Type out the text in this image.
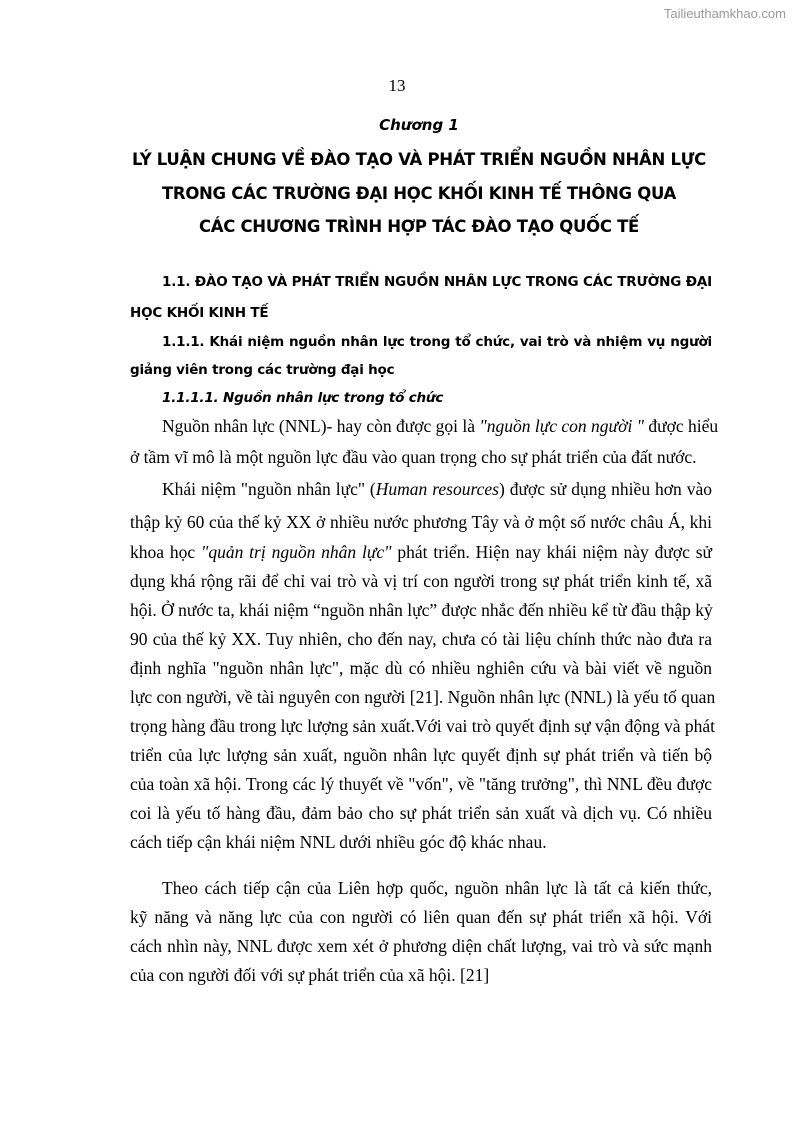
Tailieuthamkhao.com
13
Chương 1
LÝ LUẬN CHUNG VỀ ĐÀO TẠO VÀ PHÁT TRIỂN NGUỒN NHÂN LỰC
TRONG CÁC TRƯỜNG ĐẠI HỌC KHỐI KINH TẾ THÔNG QUA
CÁC CHƯƠNG TRÌNH HỢP TÁC ĐÀO TẠO QUỐC TẾ
1.1. ĐÀO TẠO VÀ PHÁT TRIỂN NGUỒN NHÂN LỰC TRONG CÁC TRƯỜNG ĐẠI
HỌC KHỐI KINH TẾ
1.1.1. Khái niệm nguồn nhân lực trong tổ chức, vai trò và nhiệm vụ người
giảng viên trong các trường đại học
1.1.1.1. Nguồn nhân lực trong tổ chức
Nguồn nhân lực (NNL)- hay còn được gọi là "nguồn lực con người " được hiểu
ở tầm vĩ mô là một nguồn lực đầu vào quan trọng cho sự phát triển của đất nước.
Khái niệm "nguồn nhân lực" (Human resources) được sử dụng nhiều hơn vào
thập kỷ 60 của thế kỷ XX ở nhiều nước phương Tây và ở một số nước châu Á, khi
khoa học "quản trị nguồn nhân lực" phát triển. Hiện nay khái niệm này được sử
dụng khá rộng rãi để chỉ vai trò và vị trí con người trong sự phát triển kinh tế, xã
hội. Ở nước ta, khái niệm “nguồn nhân lực” được nhắc đến nhiều kể từ đầu thập kỷ
90 của thế kỷ XX. Tuy nhiên, cho đến nay, chưa có tài liệu chính thức nào đưa ra
định nghĩa "nguồn nhân lực", mặc dù có nhiều nghiên cứu và bài viết về nguồn
lực con người, về tài nguyên con người [21]. Nguồn nhân lực (NNL) là yếu tố quan
trọng hàng đầu trong lực lượng sản xuất.Với vai trò quyết định sự vận động và phát
triển của lực lượng sản xuất, nguồn nhân lực quyết định sự phát triển và tiến bộ
của toàn xã hội. Trong các lý thuyết về "vốn", về "tăng trưởng", thì NNL đều được
coi là yếu tố hàng đầu, đảm bảo cho sự phát triển sản xuất và dịch vụ. Có nhiều
cách tiếp cận khái niệm NNL dưới nhiều góc độ khác nhau.
Theo cách tiếp cận của Liên hợp quốc, nguồn nhân lực là tất cả kiến thức,
kỹ năng và năng lực của con người có liên quan đến sự phát triển xã hội. Với
cách nhìn này, NNL được xem xét ở phương diện chất lượng, vai trò và sức mạnh
của con người đối với sự phát triển của xã hội. [21]
